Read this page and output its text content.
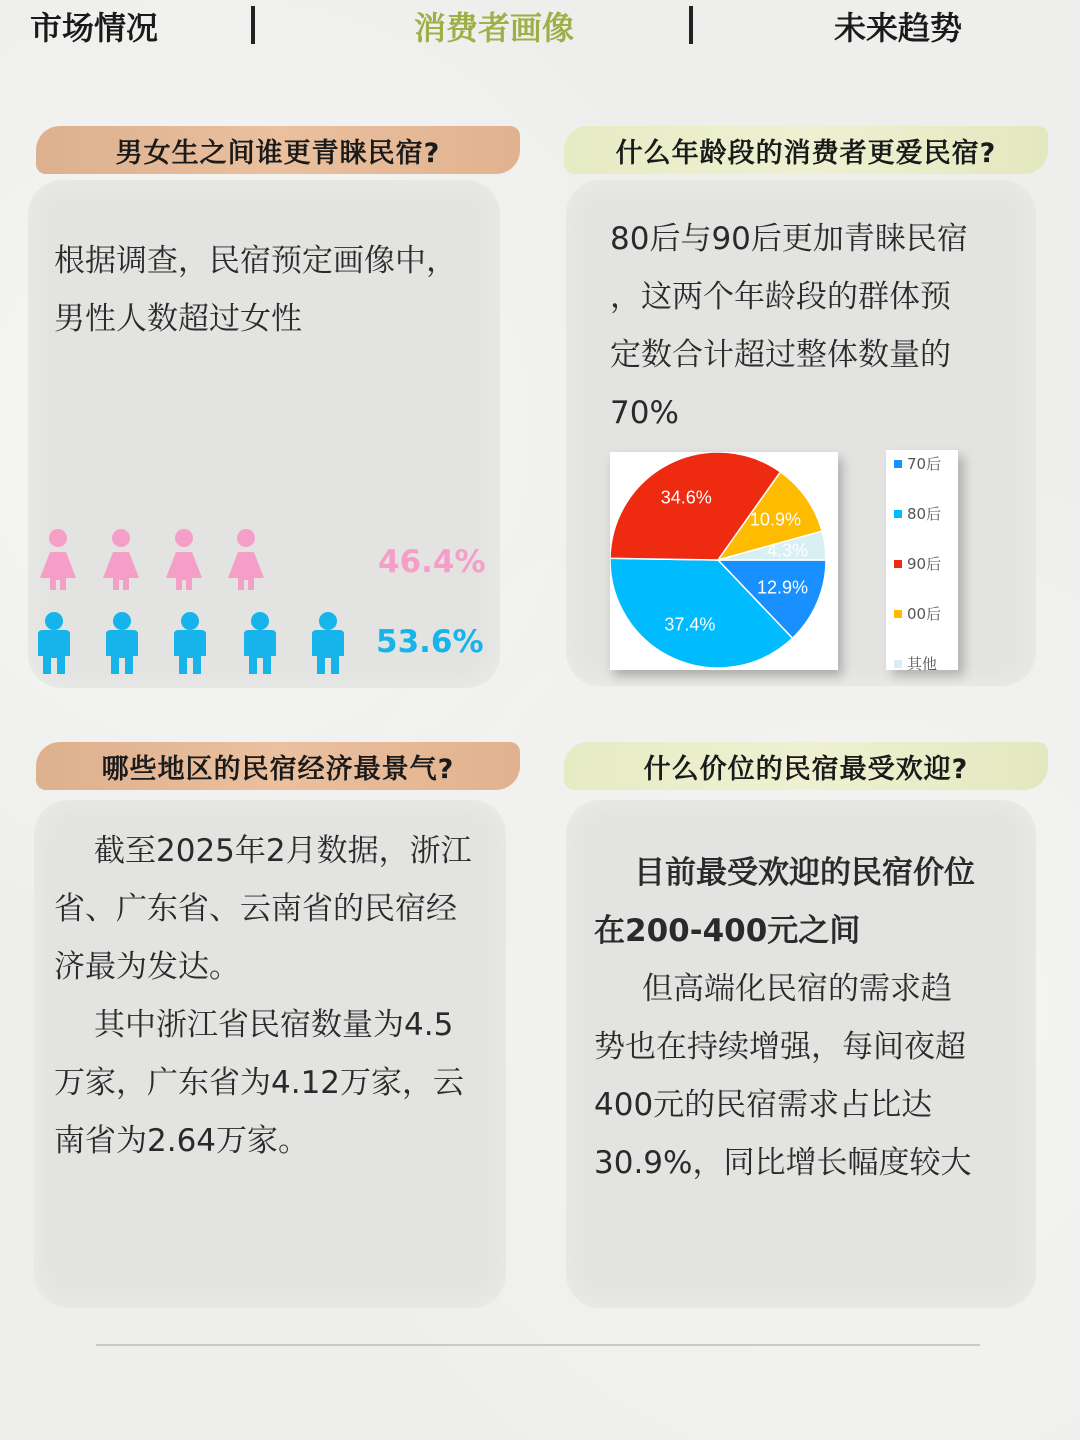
市场情况	消费者画像	未来趋势
男女生之间谁更青睐民宿?
根据调查，民宿预定画像中，
男性人数超过女性
46.4%
53.6%
什么年龄段的消费者更爱民宿?
80后与90后更加青睐民宿
，这两个年龄段的群体预
定数合计超过整体数量的
70%
12.9%
37.4%
34.6%
10.9%
4.3%
70后
80后
90后
00后
其他
哪些地区的民宿经济最景气?
截至2025年2月数据，浙江
省、广东省、云南省的民宿经
济最为发达。
其中浙江省民宿数量为4.5
万家，广东省为4.12万家，云
南省为2.64万家。
什么价位的民宿最受欢迎?
目前最受欢迎的民宿价位
在200-400元之间
但高端化民宿的需求趋
势也在持续增强，每间夜超
400元的民宿需求占比达
30.9%，同比增长幅度较大
